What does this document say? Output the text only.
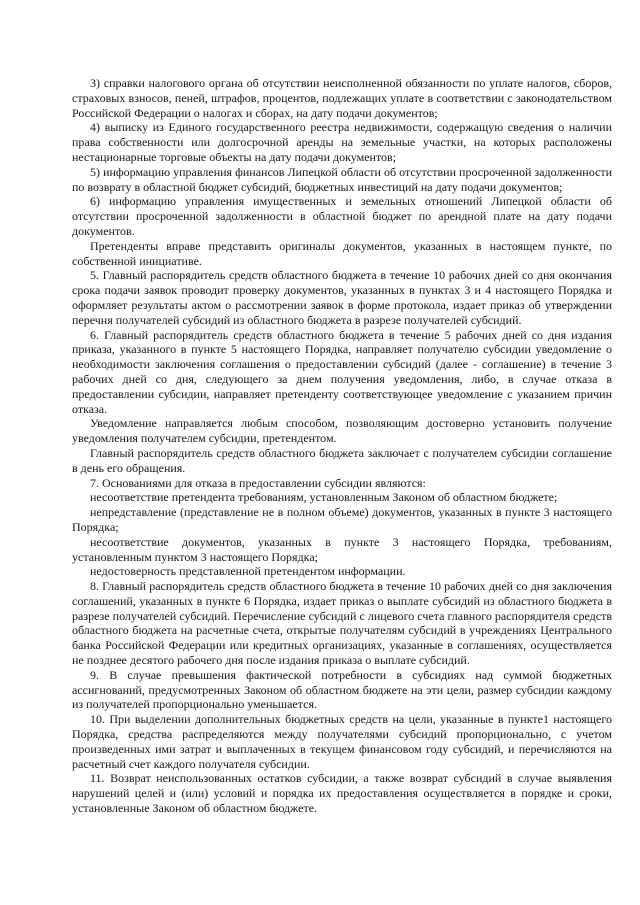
3) справки налогового органа об отсутствии неисполненной обязанности по уплате налогов, сборов, страховых взносов, пеней, штрафов, процентов, подлежащих уплате в соответствии с законодательством Российской Федерации о налогах и сборах, на дату подачи документов;

4) выписку из Единого государственного реестра недвижимости, содержащую сведения о наличии права собственности или долгосрочной аренды на земельные участки, на которых расположены нестационарные торговые объекты на дату подачи документов;

5) информацию управления финансов Липецкой области об отсутствии просроченной задолженности по возврату в областной бюджет субсидий, бюджетных инвестиций на дату подачи документов;

6) информацию управления имущественных и земельных отношений Липецкой области об отсутствии просроченной задолженности в областной бюджет по арендной плате на дату подачи документов.

Претенденты вправе представить оригиналы документов, указанных в настоящем пункте, по собственной инициативе.

5. Главный распорядитель средств областного бюджета в течение 10 рабочих дней со дня окончания срока подачи заявок проводит проверку документов, указанных в пунктах 3 и 4 настоящего Порядка и оформляет результаты актом о рассмотрении заявок в форме протокола, издает приказ об утверждении перечня получателей субсидий из областного бюджета в разрезе получателей субсидий.

6. Главный распорядитель средств областного бюджета в течение 5 рабочих дней со дня издания приказа, указанного в пункте 5 настоящего Порядка, направляет получателю субсидии уведомление о необходимости заключения соглашения о предоставлении субсидий (далее - соглашение) в течение 3 рабочих дней со дня, следующего за днем получения уведомления, либо, в случае отказа в предоставлении субсидии, направляет претенденту соответствующее уведомление с указанием причин отказа.

Уведомление направляется любым способом, позволяющим достоверно установить получение уведомления получателем субсидии, претендентом.

Главный распорядитель средств областного бюджета заключает с получателем субсидии соглашение в день его обращения.

7. Основаниями для отказа в предоставлении субсидии являются:

несоответствие претендента требованиям, установленным Законом об областном бюджете;

непредставление (представление не в полном объеме) документов, указанных в пункте 3 настоящего Порядка;

несоответствие документов, указанных в пункте 3 настоящего Порядка, требованиям, установленным пунктом 3 настоящего Порядка;

недостоверность представленной претендентом информации.

8. Главный распорядитель средств областного бюджета в течение 10 рабочих дней со дня заключения соглашений, указанных в пункте 6 Порядка, издает приказ о выплате субсидий из областного бюджета в разрезе получателей субсидий. Перечисление субсидий с лицевого счета главного распорядителя средств областного бюджета на расчетные счета, открытые получателям субсидий в учреждениях Центрального банка Российской Федерации или кредитных организациях, указанные в соглашениях, осуществляется не позднее десятого рабочего дня после издания приказа о выплате субсидий.

9. В случае превышения фактической потребности в субсидиях над суммой бюджетных ассигнований, предусмотренных Законом об областном бюджете на эти цели, размер субсидии каждому из получателей пропорционально уменьшается.

10. При выделении дополнительных бюджетных средств на цели, указанные в пункте1 настоящего Порядка, средства распределяются между получателями субсидий пропорционально, с учетом произведенных ими затрат и выплаченных в текущем финансовом году субсидий, и перечисляются на расчетный счет каждого получателя субсидии.

11. Возврат неиспользованных остатков субсидии, а также возврат субсидий в случае выявления нарушений целей и (или) условий и порядка их предоставления осуществляется в порядке и сроки, установленные Законом об областном бюджете.
